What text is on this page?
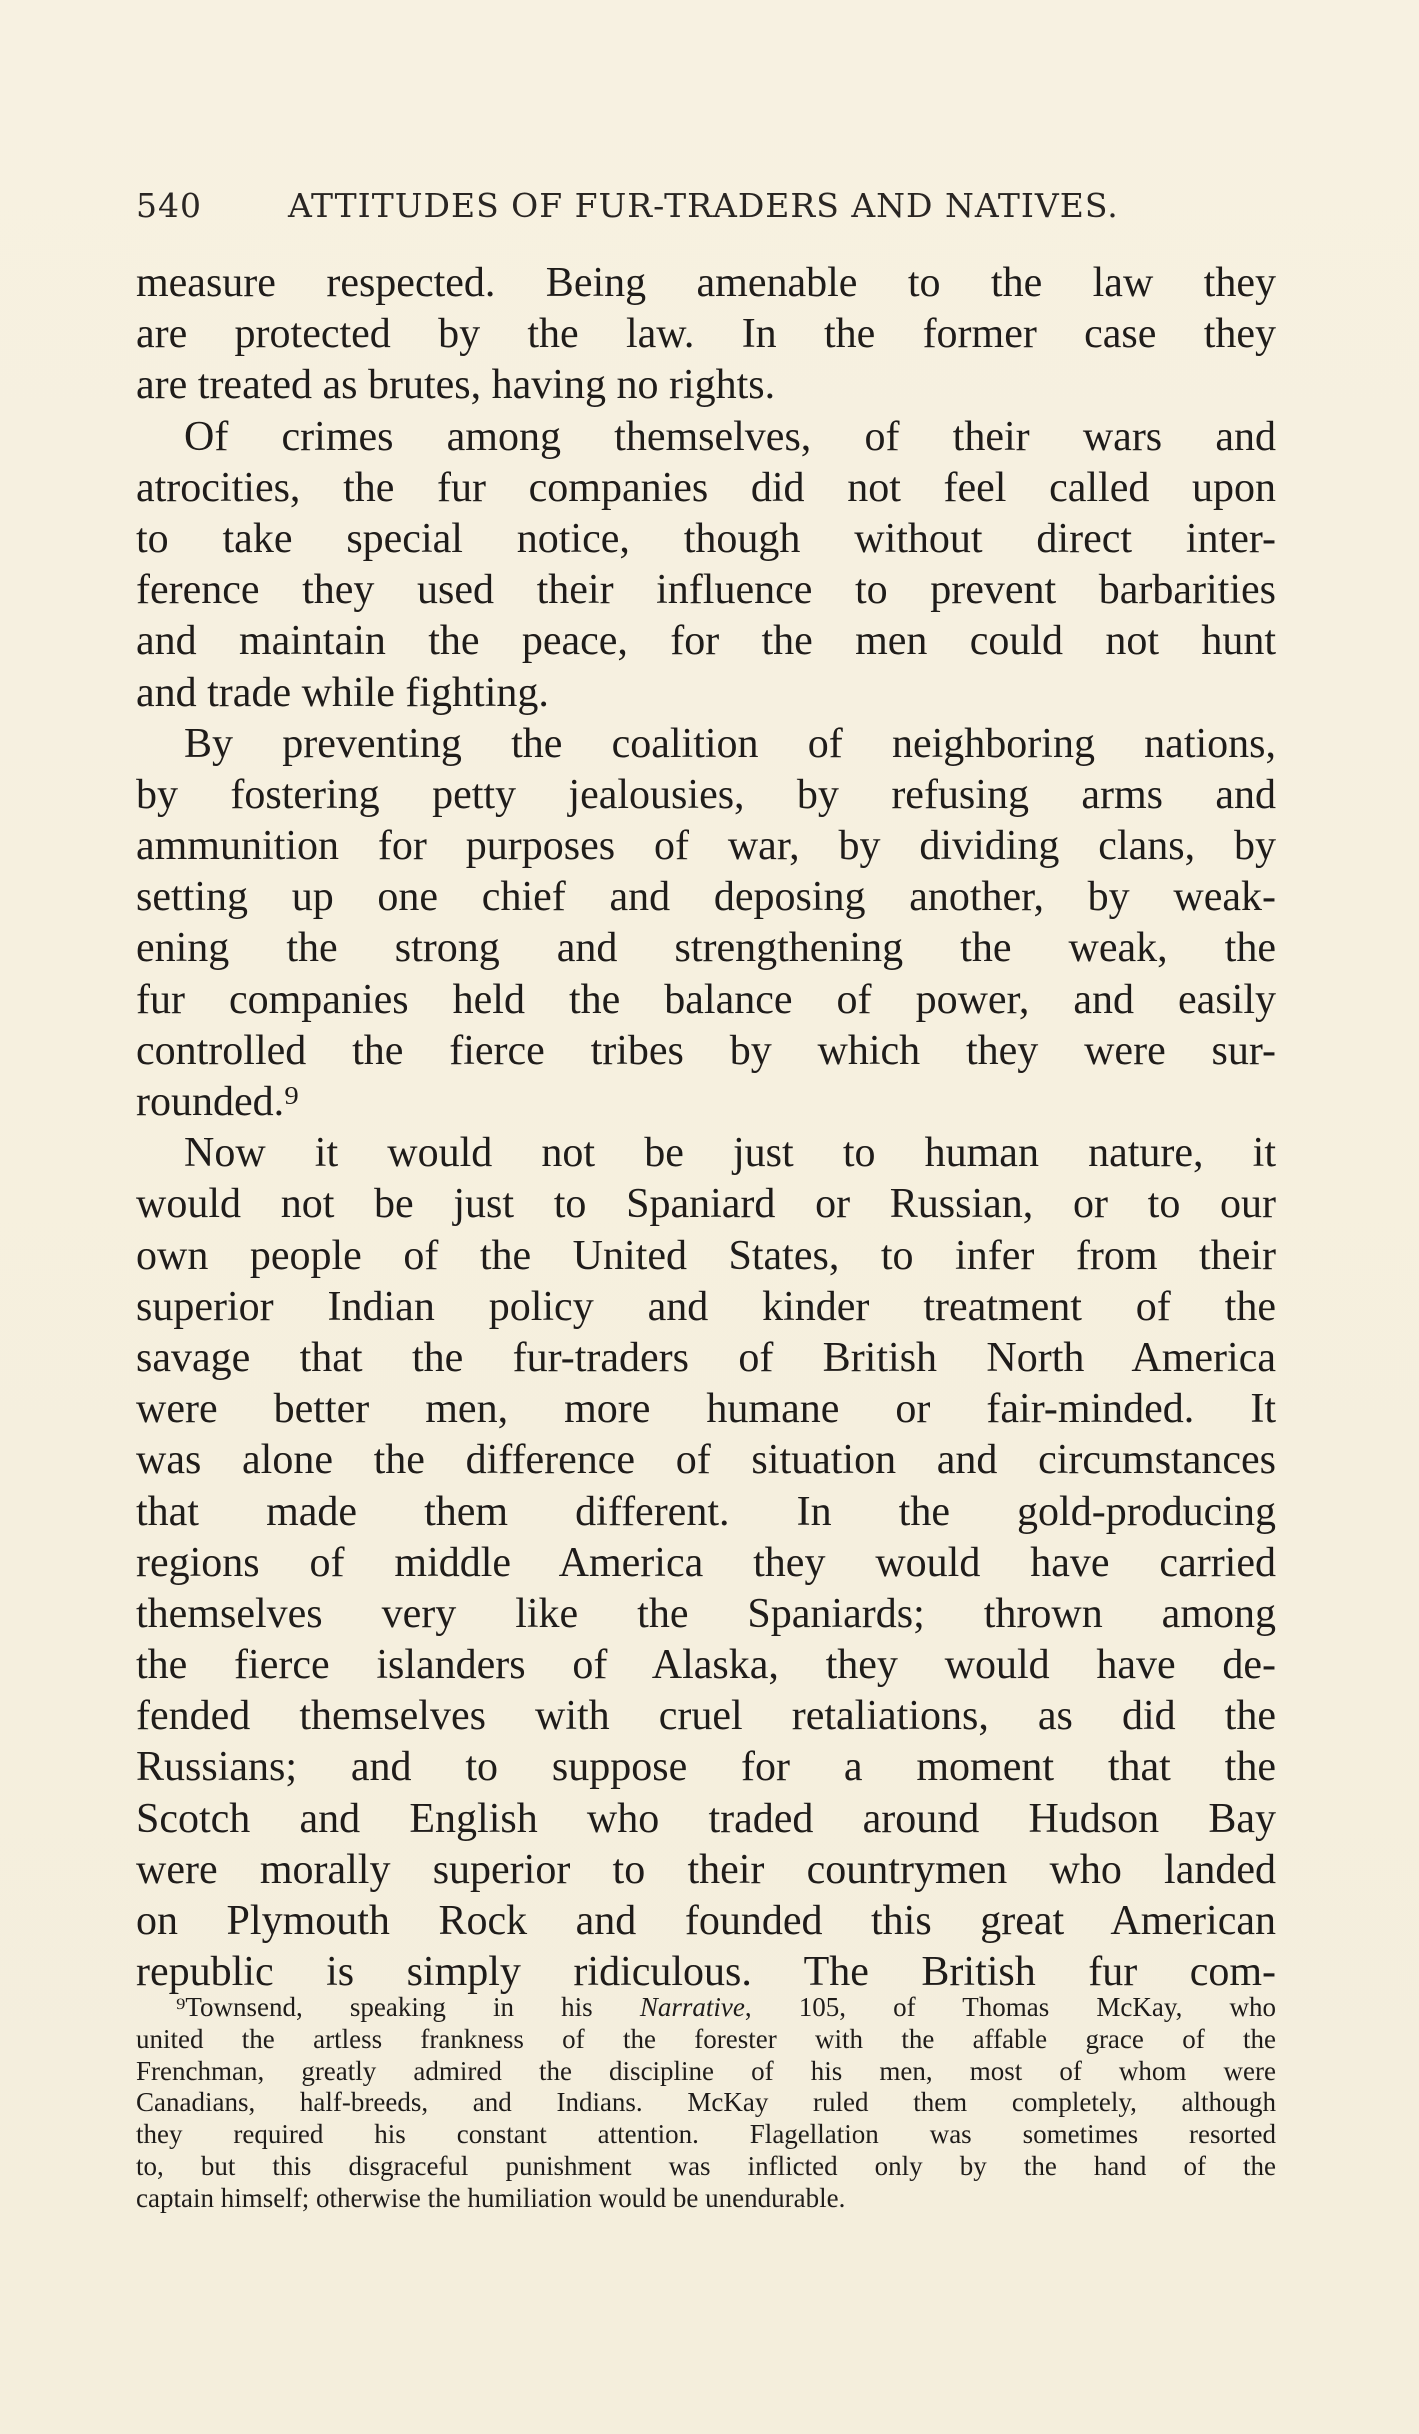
540	ATTITUDES OF FUR-TRADERS AND NATIVES.
measure respected. Being amenable to the law they
are protected by the law. In the former case they
are treated as brutes, having no rights.
Of crimes among themselves, of their wars and
atrocities, the fur companies did not feel called upon
to take special notice, though without direct inter-
ference they used their influence to prevent barbarities
and maintain the peace, for the men could not hunt
and trade while fighting.
By preventing the coalition of neighboring nations,
by fostering petty jealousies, by refusing arms and
ammunition for purposes of war, by dividing clans, by
setting up one chief and deposing another, by weak-
ening the strong and strengthening the weak, the
fur companies held the balance of power, and easily
controlled the fierce tribes by which they were sur-
rounded.⁹
Now it would not be just to human nature, it
would not be just to Spaniard or Russian, or to our
own people of the United States, to infer from their
superior Indian policy and kinder treatment of the
savage that the fur-traders of British North America
were better men, more humane or fair-minded. It
was alone the difference of situation and circumstances
that made them different. In the gold-producing
regions of middle America they would have carried
themselves very like the Spaniards; thrown among
the fierce islanders of Alaska, they would have de-
fended themselves with cruel retaliations, as did the
Russians; and to suppose for a moment that the
Scotch and English who traded around Hudson Bay
were morally superior to their countrymen who landed
on Plymouth Rock and founded this great American
republic is simply ridiculous. The British fur com-
⁹Townsend, speaking in his Narrative, 105, of Thomas McKay, who
united the artless frankness of the forester with the affable grace of the
Frenchman, greatly admired the discipline of his men, most of whom were
Canadians, half-breeds, and Indians. McKay ruled them completely, although
they required his constant attention. Flagellation was sometimes resorted
to, but this disgraceful punishment was inflicted only by the hand of the
captain himself; otherwise the humiliation would be unendurable.
